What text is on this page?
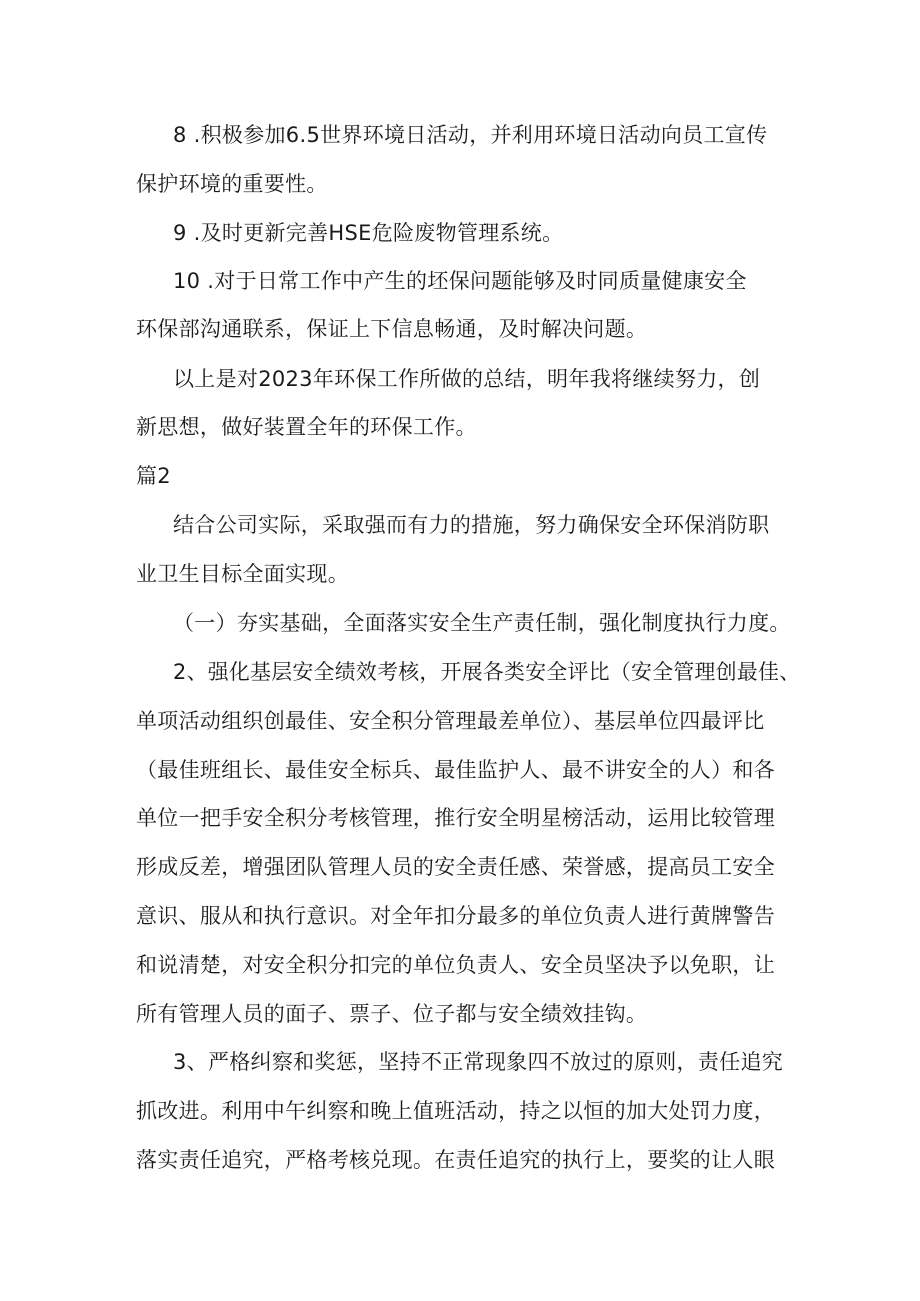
8 .积极参加6.5世界环境日活动，并利用环境日活动向员工宣传
保护环境的重要性。
9 .及时更新完善HSE危险废物管理系统。
10 .对于日常工作中产生的坯保问题能够及时同质量健康安全
环保部沟通联系，保证上下信息畅通，及时解决问题。
以上是对2023年环保工作所做的总结，明年我将继续努力，创
新思想，做好装置全年的环保工作。
篇2
结合公司实际，采取强而有力的措施，努力确保安全环保消防职
业卫生目标全面实现。
（一）夯实基础，全面落实安全生产责任制，强化制度执行力度。
2、强化基层安全绩效考核，开展各类安全评比（安全管理创最佳、
单项活动组织创最佳、安全积分管理最差单位）、基层单位四最评比
（最佳班组长、最佳安全标兵、最佳监护人、最不讲安全的人）和各
单位一把手安全积分考核管理，推行安全明星榜活动，运用比较管理
形成反差，增强团队管理人员的安全责任感、荣誉感，提高员工安全
意识、服从和执行意识。对全年扣分最多的单位负责人进行黄牌警告
和说清楚，对安全积分扣完的单位负责人、安全员坚决予以免职，让
所有管理人员的面子、票子、位子都与安全绩效挂钩。
3、严格纠察和奖惩，坚持不正常现象四不放过的原则，责任追究
抓改进。利用中午纠察和晚上值班活动，持之以恒的加大处罚力度，
落实责任追究，严格考核兑现。在责任追究的执行上，要奖的让人眼
